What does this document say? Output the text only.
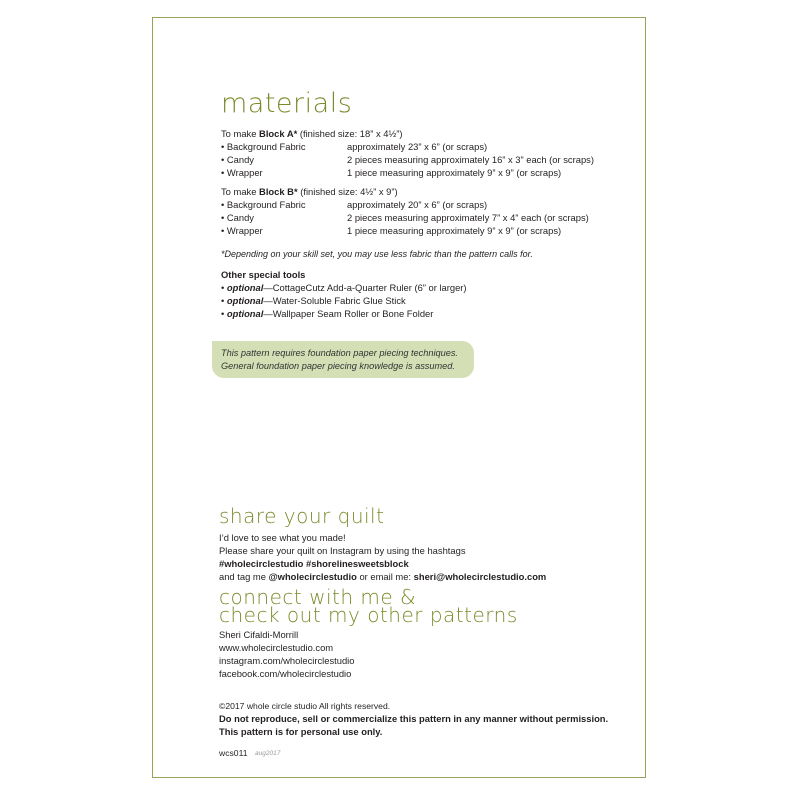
materials
To make Block A* (finished size: 18” x 4½”)
• Background Fabric	approximately 23” x 6” (or scraps)
• Candy	2 pieces measuring approximately 16” x 3” each (or scraps)
• Wrapper	1 piece measuring approximately 9” x 9” (or scraps)
To make Block B* (finished size: 4½” x 9”)
• Background Fabric	approximately 20” x 6” (or scraps)
• Candy	2 pieces measuring approximately 7” x 4” each (or scraps)
• Wrapper	1 piece measuring approximately 9” x 9” (or scraps)
*Depending on your skill set, you may use less fabric than the pattern calls for.
Other special tools
• optional—CottageCutz Add-a-Quarter Ruler (6” or larger)
• optional—Water-Soluble Fabric Glue Stick
• optional—Wallpaper Seam Roller or Bone Folder
This pattern requires foundation paper piecing techniques.
General foundation paper piecing knowledge is assumed.
share your quilt
I’d love to see what you made!
Please share your quilt on Instagram by using the hashtags
#wholecirclestudio #shorelinesweetsblock
and tag me @wholecirclestudio or email me: sheri@wholecirclestudio.com
connect with me &
check out my other patterns
Sheri Cifaldi-Morrill
www.wholecirclestudio.com
instagram.com/wholecirclestudio
facebook.com/wholecirclestudio
©2017 whole circle studio All rights reserved.
Do not reproduce, sell or commercialize this pattern in any manner without permission.
This pattern is for personal use only.
wcs011 aug2017
